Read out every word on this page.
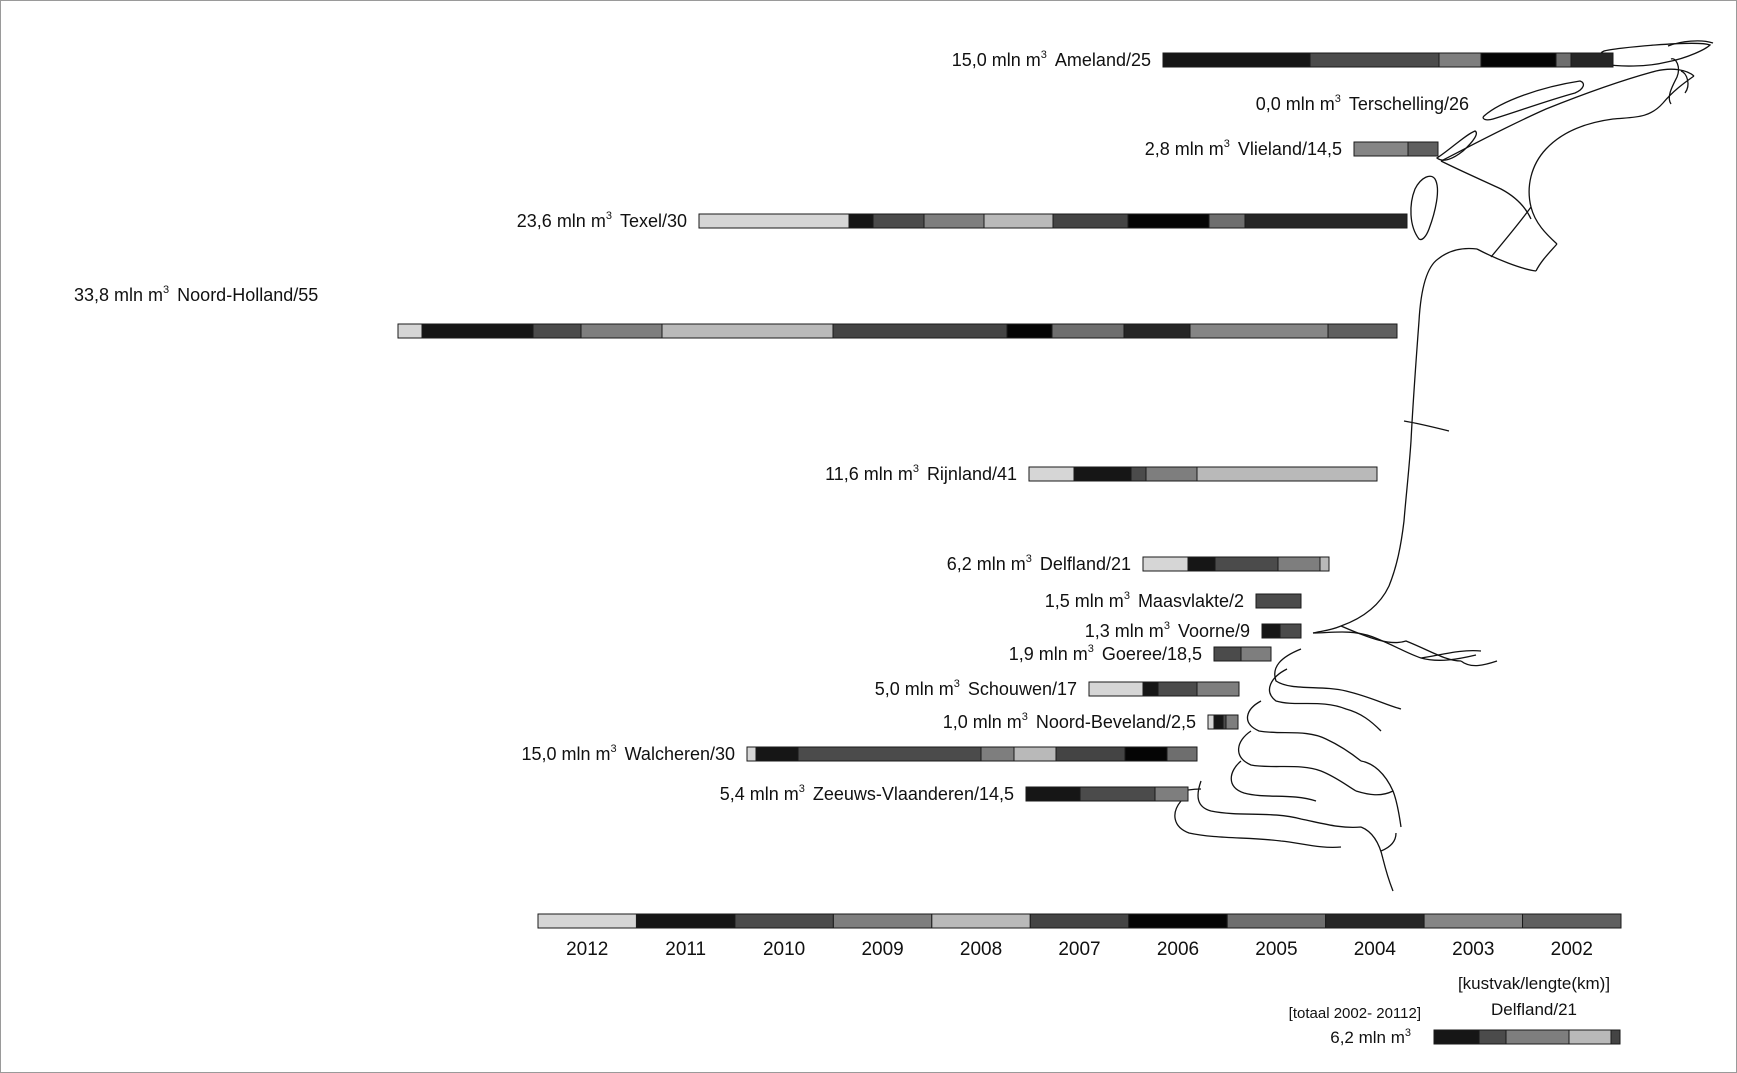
15,0 mln $m^3$ Ameland/25
0,0 mln $m^3$ Terschelling/26
2,8 mln $m^3$ Vlieland/14,5
23,6 mln $m^3$ Texel/30
33,8 mln $m^3$ Noord-Holland/55
11,6 mln $m^3$ Rijnland/41
6,2 mln $m^3$ Delfland/21
1,5 mln $m^3$ Maasvlakte/2
1,3 mln $m^3$ Voorne/9
1,9 mln $m^3$ Goeree/18,5
5,0 mln $m^3$ Schouwen/17
1,0 mln $m^3$ Noord-Beveland/2,5
15,0 mln $m^3$ Walcheren/30
5,4 mln $m^3$ Zeeuws-Vlaanderen/14,5
2012	2011	2010	2009	2008	2007	2006	2005	2004	2003	2002
[kustvak/lengte(km)]
[totaal 2002- 20112]	Delfland/21
6,2 mln $m^3$
